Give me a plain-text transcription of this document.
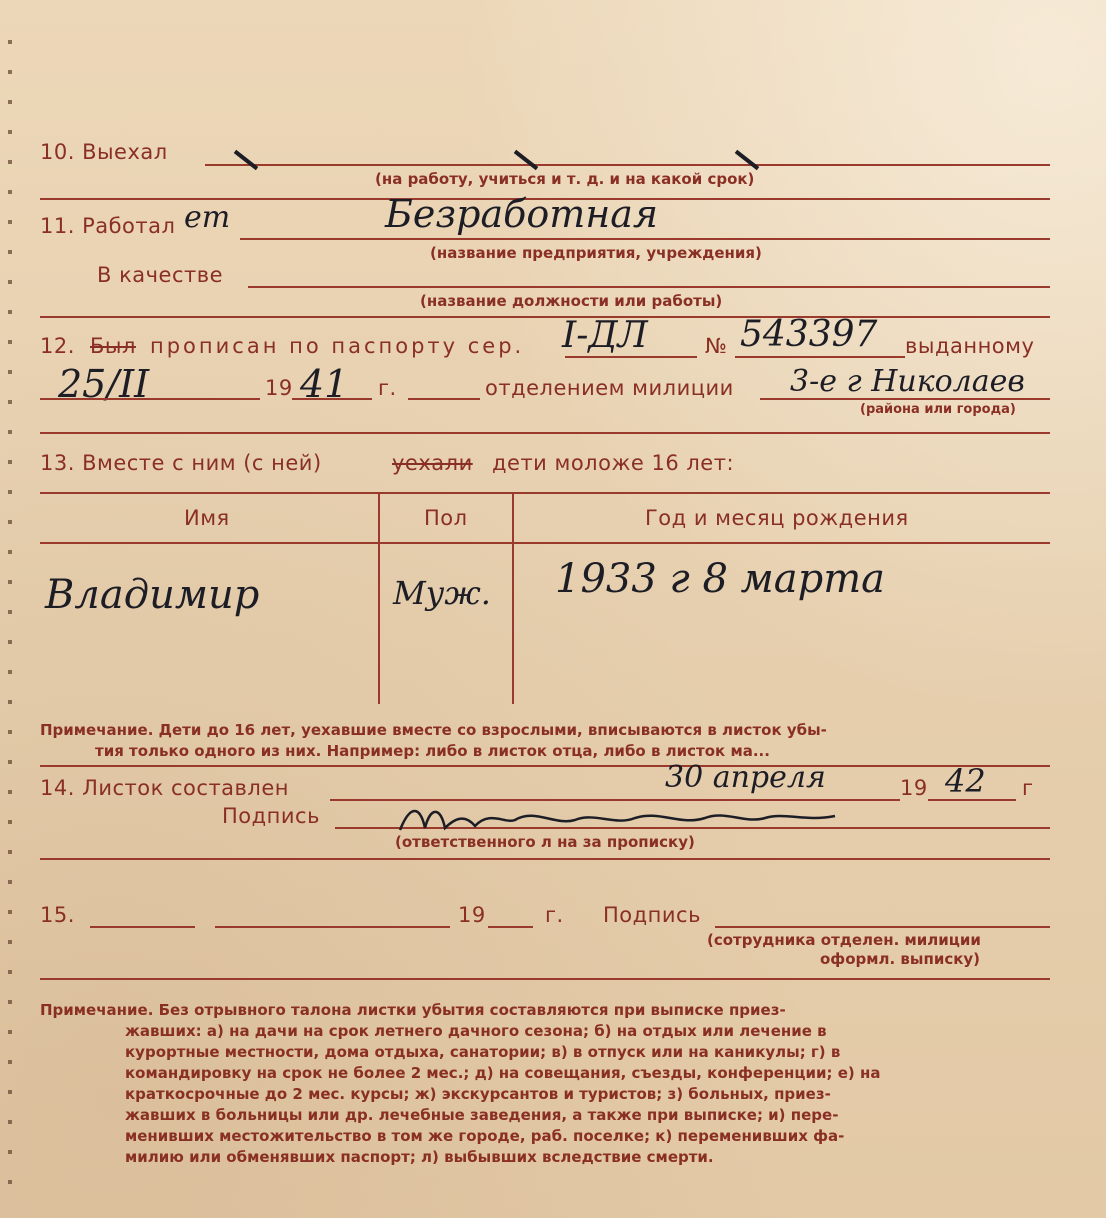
10. Выехал
(на работу, учиться и т. д. и на какой срок)
11. Работал ет	Безработная
(название предприятия, учреждения)
В качестве
(название должности или работы)
12. Был прописан по паспорту сер. I-ДЛ	№ 543397 выданному
25/II	19 41 г.	отделением милиции 3-е г Николаев
(района или города)
13. Вместе с ним (с ней)	уехали дети моложе 16 лет:
Имя	Пол	Год и месяц рождения
Владимир	Муж. 1933 г 8 марта
Примечание. Дети до 16 лет, уехавшие вместе со взрослыми, вписываются в листок убы-
тия только одного из них. Например: либо в листок отца, либо в листок ма...
14. Листок составлен	30 апреля	19 42 г
Подпись
(ответственного л на за прописку)
15.	19	г. Подпись
(сотрудника отделен. милиции
оформл. выписку)
Примечание. Без отрывного талона листки убытия составляются при выписке приез-
жавших: а) на дачи на срок летнего дачного сезона; б) на отдых или лечение в
курортные местности, дома отдыха, санатории; в) в отпуск или на каникулы; г) в
командировку на срок не более 2 мес.; д) на совещания, съезды, конференции; е) на
краткосрочные до 2 мес. курсы; ж) экскурсантов и туристов; з) больных, приез-
жавших в больницы или др. лечебные заведения, а также при выписке; и) пере-
менивших местожительство в том же городе, раб. поселке; к) переменивших фа-
милию или обменявших паспорт; л) выбывших вследствие смерти.
